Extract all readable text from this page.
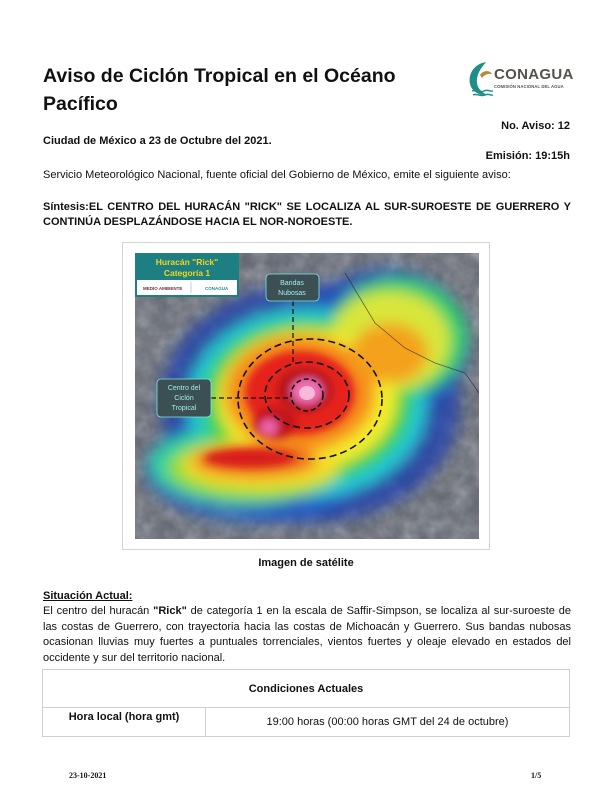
Aviso de Ciclón Tropical en el Océano
Pacífico
CONAGUA
COMISIÓN NACIONAL DEL AGUA
No. Aviso: 12
Ciudad de México a 23 de Octubre del 2021.
Emisión: 19:15h
Servicio Meteorológico Nacional, fuente oficial del Gobierno de México, emite el siguiente aviso:
Síntesis:EL CENTRO DEL HURACÁN "RICK" SE LOCALIZA AL SUR-SUROESTE DE GUERRERO Y CONTINÚA DESPLAZÁNDOSE HACIA EL NOR-NOROESTE.
Huracán "Rick"
Categoría 1
MEDIO AMBIENTE	CONAGUA
Bandas
Nubosas
Centro del
Ciclón
Tropical
Imagen de satélite
Situación Actual:
El centro del huracán "Rick" de categoría 1 en la escala de Saffir-Simpson, se localiza al sur-suroeste de las costas de Guerrero, con trayectoria hacia las costas de Michoacán y Guerrero. Sus bandas nubosas ocasionan lluvias muy fuertes a puntuales torrenciales, vientos fuertes y oleaje elevado en estados del occidente y sur del territorio nacional.
Condiciones Actuales
Hora local (hora gmt)	19:00 horas (00:00 horas GMT del 24 de octubre)
23-10-2021	1/5
